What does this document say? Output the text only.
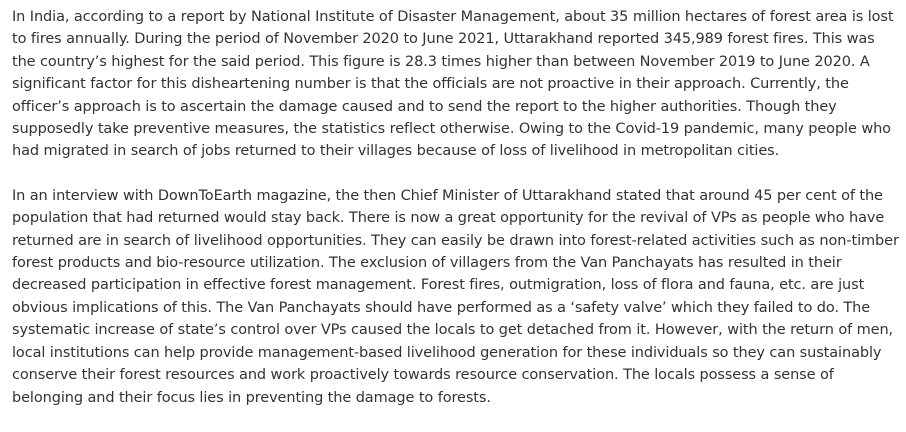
In India, according to a report by National Institute of Disaster Management, about 35 million hectares of forest area is lost to fires annually. During the period of November 2020 to June 2021, Uttarakhand reported 345,989 forest fires. This was the country’s highest for the said period. This figure is 28.3 times higher than between November 2019 to June 2020. A significant factor for this disheartening number is that the officials are not proactive in their approach. Currently, the officer’s approach is to ascertain the damage caused and to send the report to the higher authorities. Though they supposedly take preventive measures, the statistics reflect otherwise. Owing to the Covid-19 pandemic, many people who had migrated in search of jobs returned to their villages because of loss of livelihood in metropolitan cities.

In an interview with DownToEarth magazine, the then Chief Minister of Uttarakhand stated that around 45 per cent of the population that had returned would stay back. There is now a great opportunity for the revival of VPs as people who have returned are in search of livelihood opportunities. They can easily be drawn into forest-related activities such as non-timber forest products and bio-resource utilization. The exclusion of villagers from the Van Panchayats has resulted in their decreased participation in effective forest management. Forest fires, outmigration, loss of flora and fauna, etc. are just obvious implications of this. The Van Panchayats should have performed as a ‘safety valve’ which they failed to do. The systematic increase of state’s control over VPs caused the locals to get detached from it. However, with the return of men, local institutions can help provide management-based livelihood generation for these individuals so they can sustainably conserve their forest resources and work proactively towards resource conservation. The locals possess a sense of belonging and their focus lies in preventing the damage to forests.
